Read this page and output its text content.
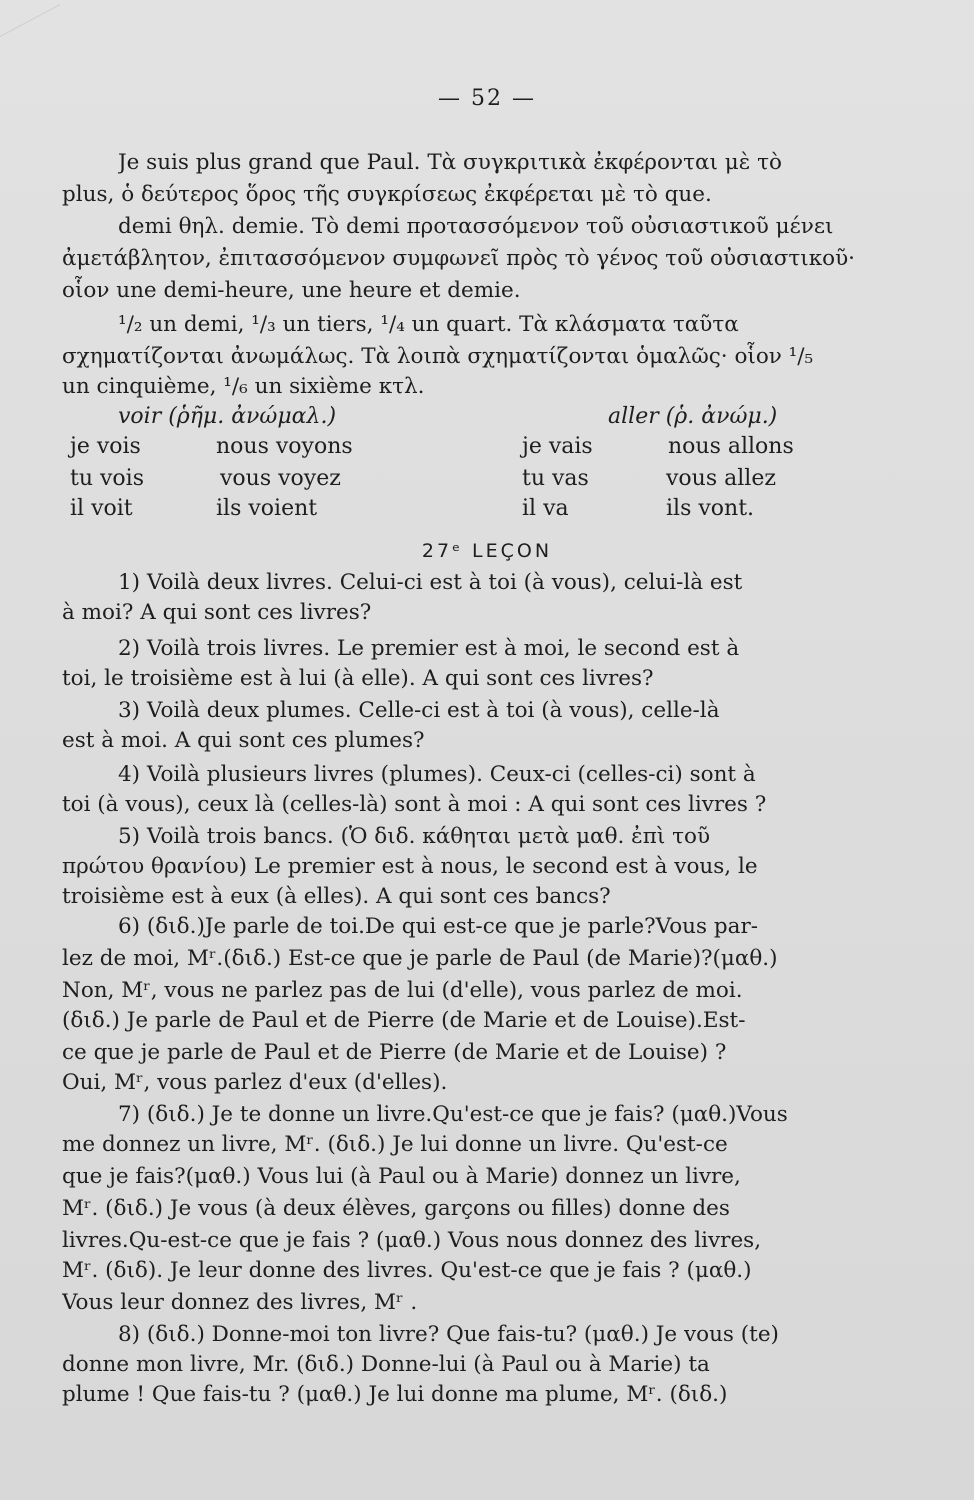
— 52 —
Je suis plus grand que Paul. Τὰ συγκριτικὰ ἐκφέρονται μὲ τὸ
plus, ὁ δεύτερος ὅρος τῆς συγκρίσεως ἐκφέρεται μὲ τὸ que.
demi θηλ. demie. Τὸ demi προτασσόμενον τοῦ οὐσιαστικοῦ μένει
ἀμετάβλητον, ἐπιτασσόμενον συμφωνεῖ πρὸς τὸ γένος τοῦ οὐσιαστικοῦ·
οἷον une demi-heure, une heure et demie.
¹/₂ un demi, ¹/₃ un tiers, ¹/₄ un quart. Τὰ κλάσματα ταῦτα
σχηματίζονται ἀνωμάλως. Τὰ λοιπὰ σχηματίζονται ὁμαλῶς· οἷον ¹/₅
un cinquième, ¹/₆ un sixième κτλ.
voir (ῥῆμ. ἀνώμαλ.)	aller (ῥ. ἀνώμ.)
je vois	nous voyons	je vais	nous allons
tu vois	vous voyez	tu vas	vous allez
il voit	ils voient	il va	ils vont.
27ᵉ LEÇON
1) Voilà deux livres. Celui-ci est à toi (à vous), celui-là est
à moi? A qui sont ces livres?
2) Voilà trois livres. Le premier est à moi, le second est à
toi, le troisième est à lui (à elle). A qui sont ces livres?
3) Voilà deux plumes. Celle-ci est à toi (à vous), celle-là
est à moi. A qui sont ces plumes?
4) Voilà plusieurs livres (plumes). Ceux-ci (celles-ci) sont à
toi (à vous), ceux là (celles-là) sont à moi : A qui sont ces livres ?
5) Voilà trois bancs. (Ὁ διδ. κάθηται μετὰ μαθ. ἐπὶ τοῦ
πρώτου θρανίου) Le premier est à nous, le second est à vous, le
troisième est à eux (à elles). A qui sont ces bancs?
6) (διδ.)Je parle de toi.De qui est-ce que je parle?Vous par-
lez de moi, Mʳ.(διδ.) Est-ce que je parle de Paul (de Marie)?(μαθ.)
Non, Mʳ, vous ne parlez pas de lui (d'elle), vous parlez de moi.
(διδ.) Je parle de Paul et de Pierre (de Marie et de Louise).Est-
ce que je parle de Paul et de Pierre (de Marie et de Louise) ?
Oui, Mʳ, vous parlez d'eux (d'elles).
7) (διδ.) Je te donne un livre.Qu'est-ce que je fais? (μαθ.)Vous
me donnez un livre, Mʳ. (διδ.) Je lui donne un livre. Qu'est-ce
que je fais?(μαθ.) Vous lui (à Paul ou à Marie) donnez un livre,
Mʳ. (διδ.) Je vous (à deux élèves, garçons ou filles) donne des
livres.Qu-est-ce que je fais ? (μαθ.) Vous nous donnez des livres,
Mʳ. (διδ). Je leur donne des livres. Qu'est-ce que je fais ? (μαθ.)
Vous leur donnez des livres, Mʳ .
8) (διδ.) Donne-moi ton livre? Que fais-tu? (μαθ.) Je vous (te)
donne mon livre, Mr. (διδ.) Donne-lui (à Paul ou à Marie) ta
plume ! Que fais-tu ? (μαθ.) Je lui donne ma plume, Mʳ. (διδ.)
